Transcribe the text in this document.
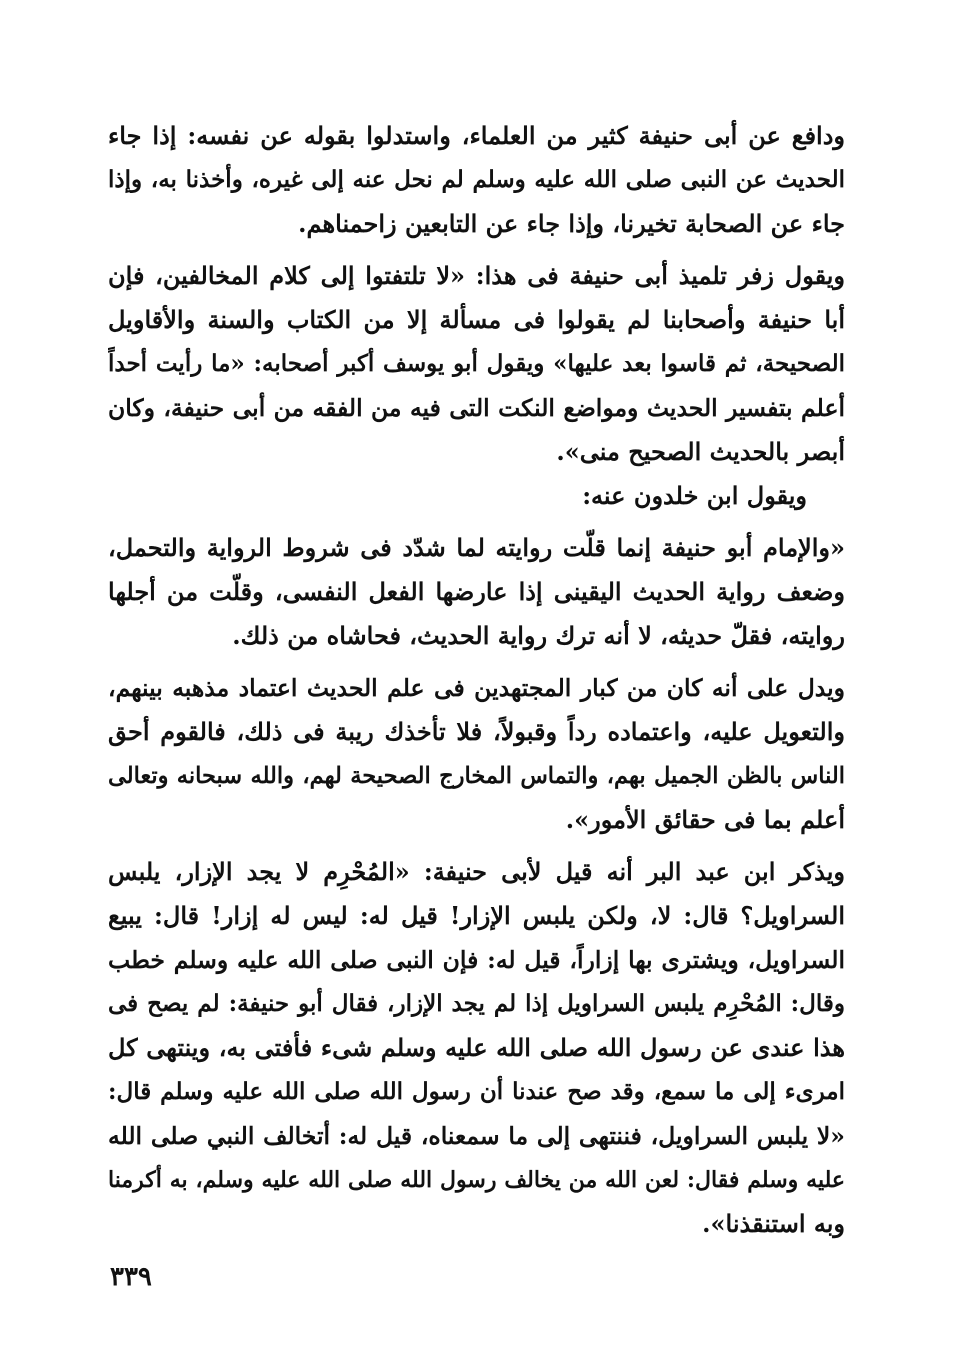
ودافع عن أبى حنيفة كثير من العلماء، واستدلوا بقوله عن نفسه: إذا جاء
الحديث عن النبى صلى الله عليه وسلم لم نحل عنه إلى غيره، وأخذنا به، وإذا
جاء عن الصحابة تخيرنا، وإذا جاء عن التابعين زاحمناهم.
ويقول زفر تلميذ أبى حنيفة فى هذا: «لا تلتفتوا إلى كلام المخالفين، فإن
أبا حنيفة وأصحابنا لم يقولوا فى مسألة إلا من الكتاب والسنة والأقاويل
الصحيحة، ثم قاسوا بعد عليها» ويقول أبو يوسف أكبر أصحابه: «ما رأيت أحداً
أعلم بتفسير الحديث ومواضع النكت التى فيه من الفقه من أبى حنيفة، وكان
أبصر بالحديث الصحيح منى».
ويقول ابن خلدون عنه:
«والإمام أبو حنيفة إنما قلّت روايته لما شدّد فى شروط الرواية والتحمل،
وضعف رواية الحديث اليقينى إذا عارضها الفعل النفسى، وقلّت من أجلها
روايته، فقلّ حديثه، لا أنه ترك رواية الحديث، فحاشاه من ذلك.
ويدل على أنه كان من كبار المجتهدين فى علم الحديث اعتماد مذهبه بينهم،
والتعويل عليه، واعتماده رداً وقبولاً، فلا تأخذك ريبة فى ذلك، فالقوم أحق
الناس بالظن الجميل بهم، والتماس المخارج الصحيحة لهم، والله سبحانه وتعالى
أعلم بما فى حقائق الأمور».
ويذكر ابن عبد البر أنه قيل لأبى حنيفة: «المُحْرِم لا يجد الإزار، يلبس
السراويل؟ قال: لا، ولكن يلبس الإزار! قيل له: ليس له إزار! قال: يبيع
السراويل، ويشترى بها إزاراً، قيل له: فإن النبى صلى الله عليه وسلم خطب
وقال: المُحْرِم يلبس السراويل إذا لم يجد الإزار، فقال أبو حنيفة: لم يصح فى
هذا عندى عن رسول الله صلى الله عليه وسلم شىء فأفتى به، وينتهى كل
امرىء إلى ما سمع، وقد صح عندنا أن رسول الله صلى الله عليه وسلم قال:
«لا يلبس السراويل، فننتهى إلى ما سمعناه، قيل له: أتخالف النبي صلى الله
عليه وسلم فقال: لعن الله من يخالف رسول الله صلى الله عليه وسلم، به أكرمنا
وبه استنقذنا».
٣٣٩
